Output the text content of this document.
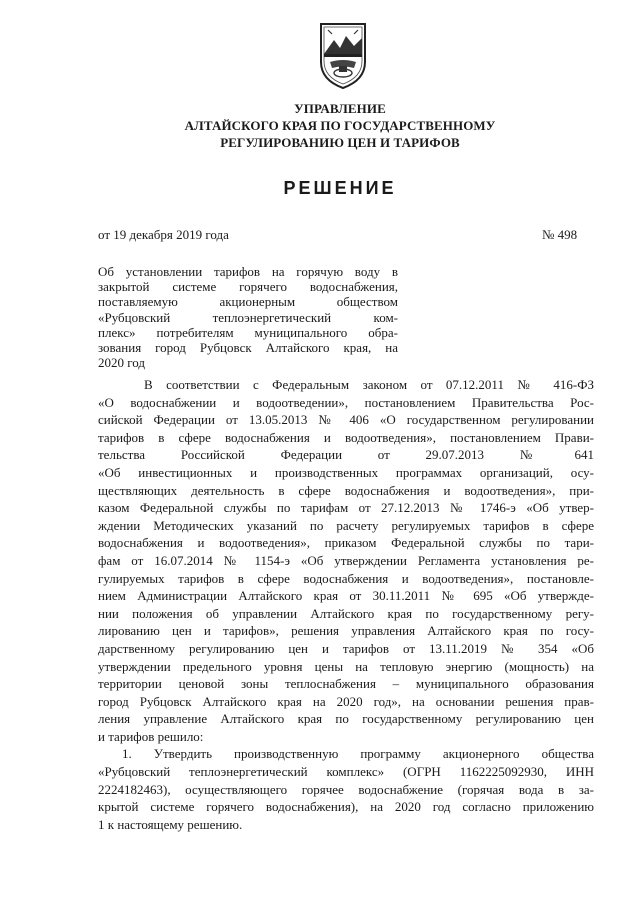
УПРАВЛЕНИЕ
АЛТАЙСКОГО КРАЯ ПО ГОСУДАРСТВЕННОМУ
РЕГУЛИРОВАНИЮ ЦЕН И ТАРИФОВ
РЕШЕНИЕ
от 19 декабря 2019 года	№ 498
Об установлении тарифов на горячую воду в
закрытой системе горячего водоснабжения,
поставляемую акционерным обществом
«Рубцовский теплоэнергетический ком-
плекс» потребителям муниципального обра-
зования город Рубцовск Алтайского края, на
2020 год
В соответствии с Федеральным законом от 07.12.2011 № 416-ФЗ
«О водоснабжении и водоотведении», постановлением Правительства Рос-
сийской Федерации от 13.05.2013 № 406 «О государственном регулировании
тарифов в сфере водоснабжения и водоотведения», постановлением Прави-
тельства Российской Федерации от 29.07.2013 № 641
«Об инвестиционных и производственных программах организаций, осу-
ществляющих деятельность в сфере водоснабжения и водоотведения», при-
казом Федеральной службы по тарифам от 27.12.2013 № 1746-э «Об утвер-
ждении Методических указаний по расчету регулируемых тарифов в сфере
водоснабжения и водоотведения», приказом Федеральной службы по тари-
фам от 16.07.2014 № 1154-э «Об утверждении Регламента установления ре-
гулируемых тарифов в сфере водоснабжения и водоотведения», постановле-
нием Администрации Алтайского края от 30.11.2011 № 695 «Об утвержде-
нии положения об управлении Алтайского края по государственному регу-
лированию цен и тарифов», решения управления Алтайского края по госу-
дарственному регулированию цен и тарифов от 13.11.2019 № 354 «Об
утверждении предельного уровня цены на тепловую энергию (мощность) на
территории ценовой зоны теплоснабжения – муниципального образования
город Рубцовск Алтайского края на 2020 год», на основании решения прав-
ления управление Алтайского края по государственному регулированию цен
и тарифов решило:
1. Утвердить производственную программу акционерного общества
«Рубцовский теплоэнергетический комплекс» (ОГРН 1162225092930, ИНН
2224182463), осуществляющего горячее водоснабжение (горячая вода в за-
крытой системе горячего водоснабжения), на 2020 год согласно приложению
1 к настоящему решению.
